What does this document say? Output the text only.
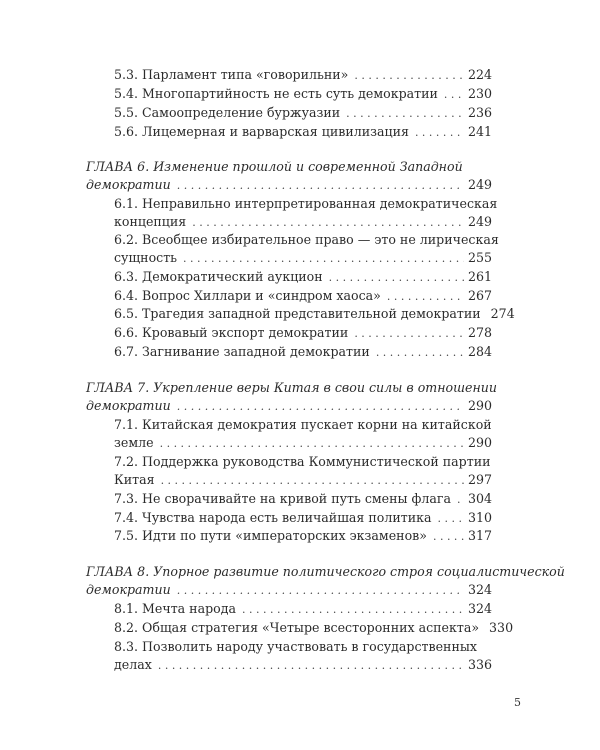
5.3. Парламент типа «говорильни» . . .	224
5.4. Многопартийность не есть суть демократии . . . 230
5.5. Самоопределение буржуазии . . .	236
5.6. Лицемерная и варварская цивилизация . . .	241
ГЛАВА 6. Изменение прошлой и современной Западной
демократии . . .	249
6.1. Неправильно интерпретированная демократическая
концепция . . .	249
6.2. Всеобщее избирательное право — это не лирическая
сущность . . .	255
6.3. Демократический аукцион . . .	261
6.4. Вопрос Хиллари и «синдром хаоса» . . .	267
6.5. Трагедия западной представительной демократии 274
6.6. Кровавый экспорт демократии . . .	278
6.7. Загнивание западной демократии . . .	284
ГЛАВА 7. Укрепление веры Китая в свои силы в отношении
демократии . . .	290
7.1. Китайская демократия пускает корни на китайской
земле . . .	290
7.2. Поддержка руководства Коммунистической партии
Китая . . .	297
7.3. Не сворачивайте на кривой путь смены флага . . . 304
7.4. Чувства народа есть величайшая политика . . .	310
7.5. Идти по пути «императорских экзаменов» . . .	317
ГЛАВА 8. Упорное развитие политического строя социалистической
демократии . . .	324
8.1. Мечта народа . . .	324
8.2. Общая стратегия «Четыре всесторонних аспекта» 330
8.3. Позволить народу участвовать в государственных
делах . . .	336
5
